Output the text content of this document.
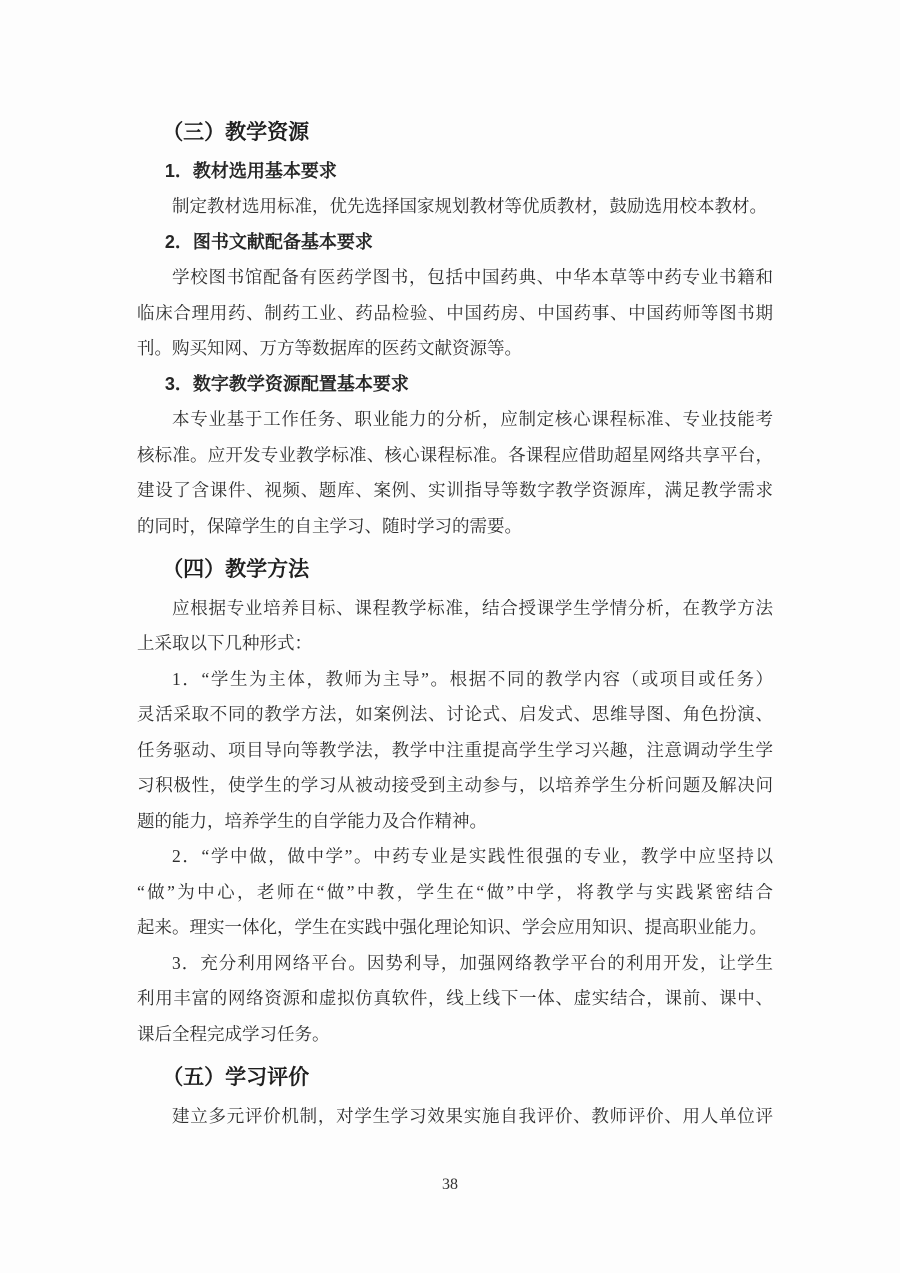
（三）教学资源
1．教材选用基本要求
制定教材选用标准，优先选择国家规划教材等优质教材，鼓励选用校本教材。
2．图书文献配备基本要求
学校图书馆配备有医药学图书，包括中国药典、中华本草等中药专业书籍和
临床合理用药、制药工业、药品检验、中国药房、中国药事、中国药师等图书期
刊。购买知网、万方等数据库的医药文献资源等。
3．数字教学资源配置基本要求
本专业基于工作任务、职业能力的分析，应制定核心课程标准、专业技能考
核标准。应开发专业教学标准、核心课程标准。各课程应借助超星网络共享平台，
建设了含课件、视频、题库、案例、实训指导等数字教学资源库，满足教学需求
的同时，保障学生的自主学习、随时学习的需要。
（四）教学方法
应根据专业培养目标、课程教学标准，结合授课学生学情分析，在教学方法
上采取以下几种形式：
1．“学生为主体，教师为主导”。根据不同的教学内容（或项目或任务）
灵活采取不同的教学方法，如案例法、讨论式、启发式、思维导图、角色扮演、
任务驱动、项目导向等教学法，教学中注重提高学生学习兴趣，注意调动学生学
习积极性，使学生的学习从被动接受到主动参与，以培养学生分析问题及解决问
题的能力，培养学生的自学能力及合作精神。
2．“学中做，做中学”。中药专业是实践性很强的专业，教学中应坚持以
“做”为中心，老师在“做”中教，学生在“做”中学，将教学与实践紧密结合
起来。理实一体化，学生在实践中强化理论知识、学会应用知识、提高职业能力。
3．充分利用网络平台。因势利导，加强网络教学平台的利用开发，让学生
利用丰富的网络资源和虚拟仿真软件，线上线下一体、虚实结合，课前、课中、
课后全程完成学习任务。
（五）学习评价
建立多元评价机制，对学生学习效果实施自我评价、教师评价、用人单位评
38
